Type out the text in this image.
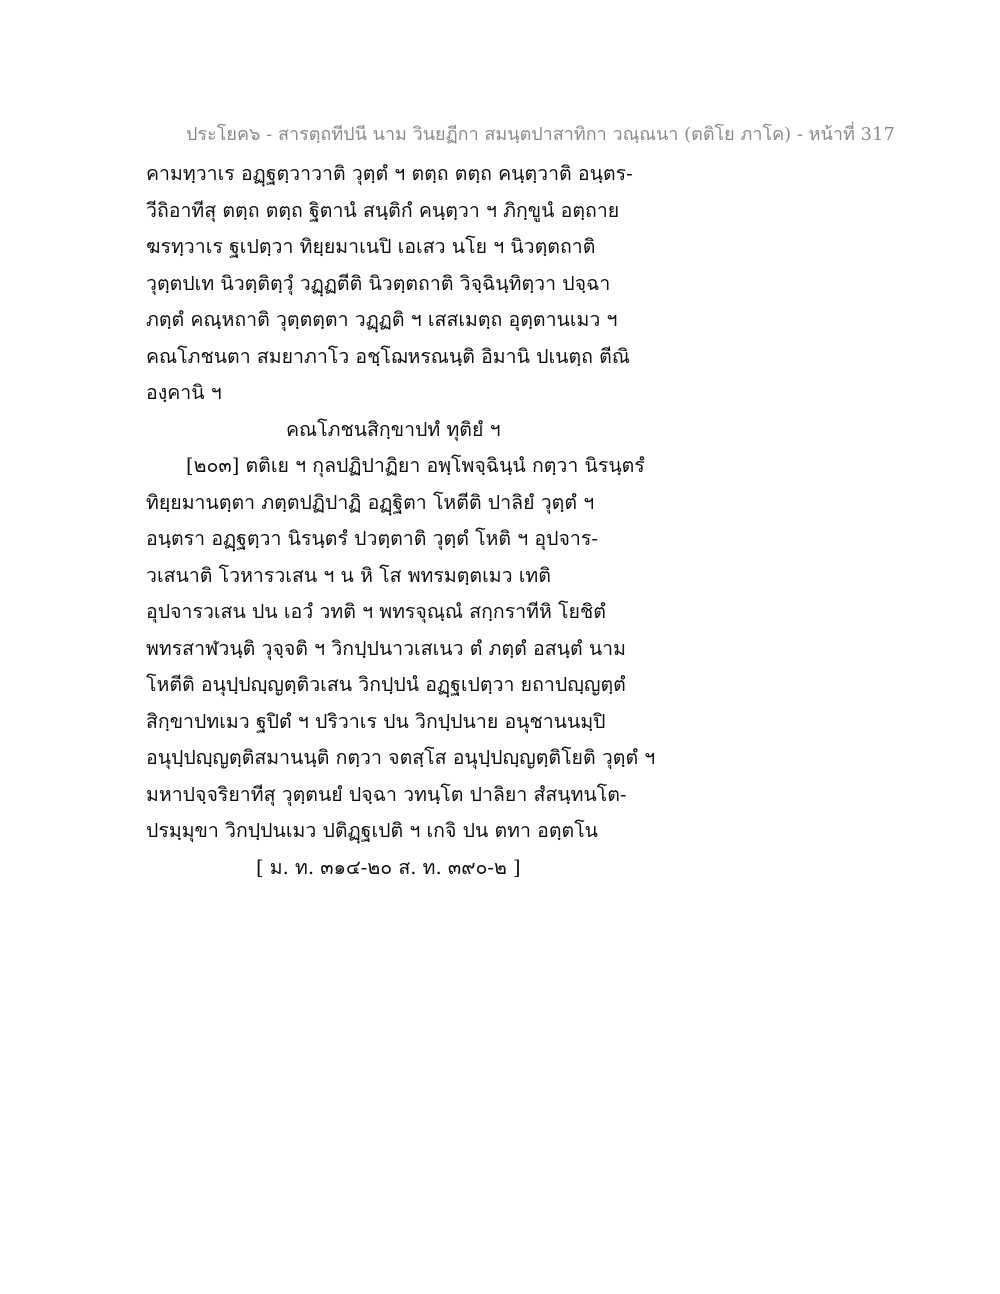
ประโยค๖ - สารตฺถทีปนี นาม วินยฏีกา สมนฺตปาสาทิกา วณฺณนา (ตติโย ภาโค) - หน้าที่ 317
คามทฺวาเร อฏฺฐตฺวาวาติ วุตฺตํ ฯ ตตฺถ ตตฺถ คนฺตฺวาติ อนฺตร-
วีถิอาทีสุ ตตฺถ ตตฺถ ฐิตานํ สนฺติกํ คนฺตฺวา ฯ ภิกฺขูนํ อตฺถาย
ฆรทฺวาเร ฐเปตฺวา ทิยฺยมาเนปิ เอเสว นโย ฯ นิวตฺตถาติ
วุตฺตปเท นิวตฺติตฺวุํ วฏฺฏตีติ นิวตฺตถาติ วิจฺฉินฺทิตฺวา ปจฺฉา
ภตฺตํ คณฺหถาติ วุตฺตตฺตา วฏฺฏติ ฯ เสสเมตฺถ อุตฺตานเมว ฯ
คณโภชนตา สมยาภาโว อชฺโฌหรณนฺติ อิมานิ ปเนตฺถ ตีณิ
องฺคานิ ฯ
คณโภชนสิกฺขาปทํ ทุติยํ ฯ
[๒๐๓] ตติเย ฯ กุลปฏิปาฏิยา อพฺโพจฺฉินฺนํ กตฺวา นิรนฺตรํ
ทิยฺยมานตฺตา ภตฺตปฏิปาฏิ อฏฺฐิตา โหตีติ ปาลิยํ วุตฺตํ ฯ
อนฺตรา อฏฺฐตฺวา นิรนฺตรํ ปวตฺตาติ วุตฺตํ โหติ ฯ อุปจาร-
วเสนาติ โวหารวเสน ฯ น หิ โส พทรมตฺตเมว เทติ
อุปจารวเสน ปน เอวํ วทติ ฯ พทรจุณฺณํ สกฺกราทีหิ โยชิตํ
พทรสาฬวนฺติ วุจฺจติ ฯ วิกปฺปนาวเสเนว ตํ ภตฺตํ อสนฺตํ นาม
โหตีติ อนุปฺปญฺญตฺติวเสน วิกปฺปนํ อฏฺฐเปตฺวา ยถาปญฺญตฺตํ
สิกฺขาปทเมว ฐปิตํ ฯ ปริวาเร ปน วิกปฺปนาย อนุชานนมฺปิ
อนุปฺปญฺญตฺติสมานนฺติ กตฺวา จตสฺโส อนุปฺปญฺญตฺติโยติ วุตฺตํ ฯ
มหาปจฺจริยาทีสุ วุตฺตนยํ ปจฺฉา วทนฺโต ปาลิยา สํสนฺทนโต-
ปรมฺมุขา วิกปฺปนเมว ปติฏฺฐเปติ ฯ เกจิ ปน ตทา อตฺตโน
[ ม. ท. ๓๑๔-๒๐ ส. ท. ๓๙๐-๒ ]
